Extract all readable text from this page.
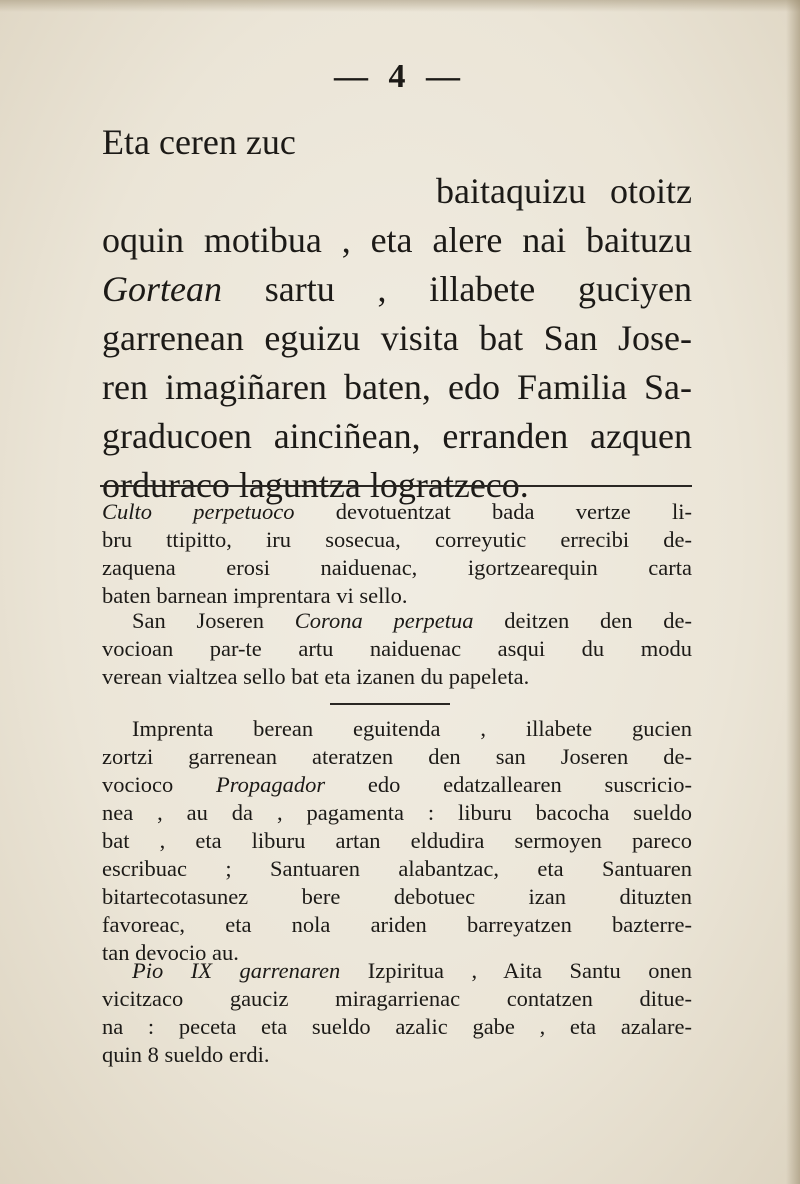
— 4 —
Eta ceren zuc
baitaquizu otoitz
oquin motibua , eta alere nai baituzu
Gortean sartu , illabete guciyen
garrenean eguizu visita bat San Jose-
ren imagiñaren baten, edo Familia Sa-
graducoen ainciñean, erranden azquen
orduraco laguntza logratzeco.
Culto perpetuoco devotuentzat bada vertze li-
bru ttipitto, iru sosecua, correyutic errecibi de-
zaquena erosi naiduenac, igortzearequin carta
baten barnean imprentara vi sello.
San Joseren Corona perpetua deitzen den de-
vocioan par-te artu naiduenac asqui du modu
verean vialtzea sello bat eta izanen du papeleta.
Imprenta berean eguitenda , illabete gucien
zortzi garrenean ateratzen den san Joseren de-
vocioco Propagador edo edatzallearen suscricio-
nea , au da , pagamenta : liburu bacocha sueldo
bat , eta liburu artan eldudira sermoyen pareco
escribuac ; Santuaren alabantzac, eta Santuaren
bitartecotasunez bere debotuec izan dituzten
favoreac, eta nola ariden barreyatzen bazterre-
tan devocio au.
Pio IX garrenaren Izpiritua , Aita Santu onen
vicitzaco gauciz miragarrienac contatzen ditue-
na : peceta eta sueldo azalic gabe , eta azalare-
quin 8 sueldo erdi.
